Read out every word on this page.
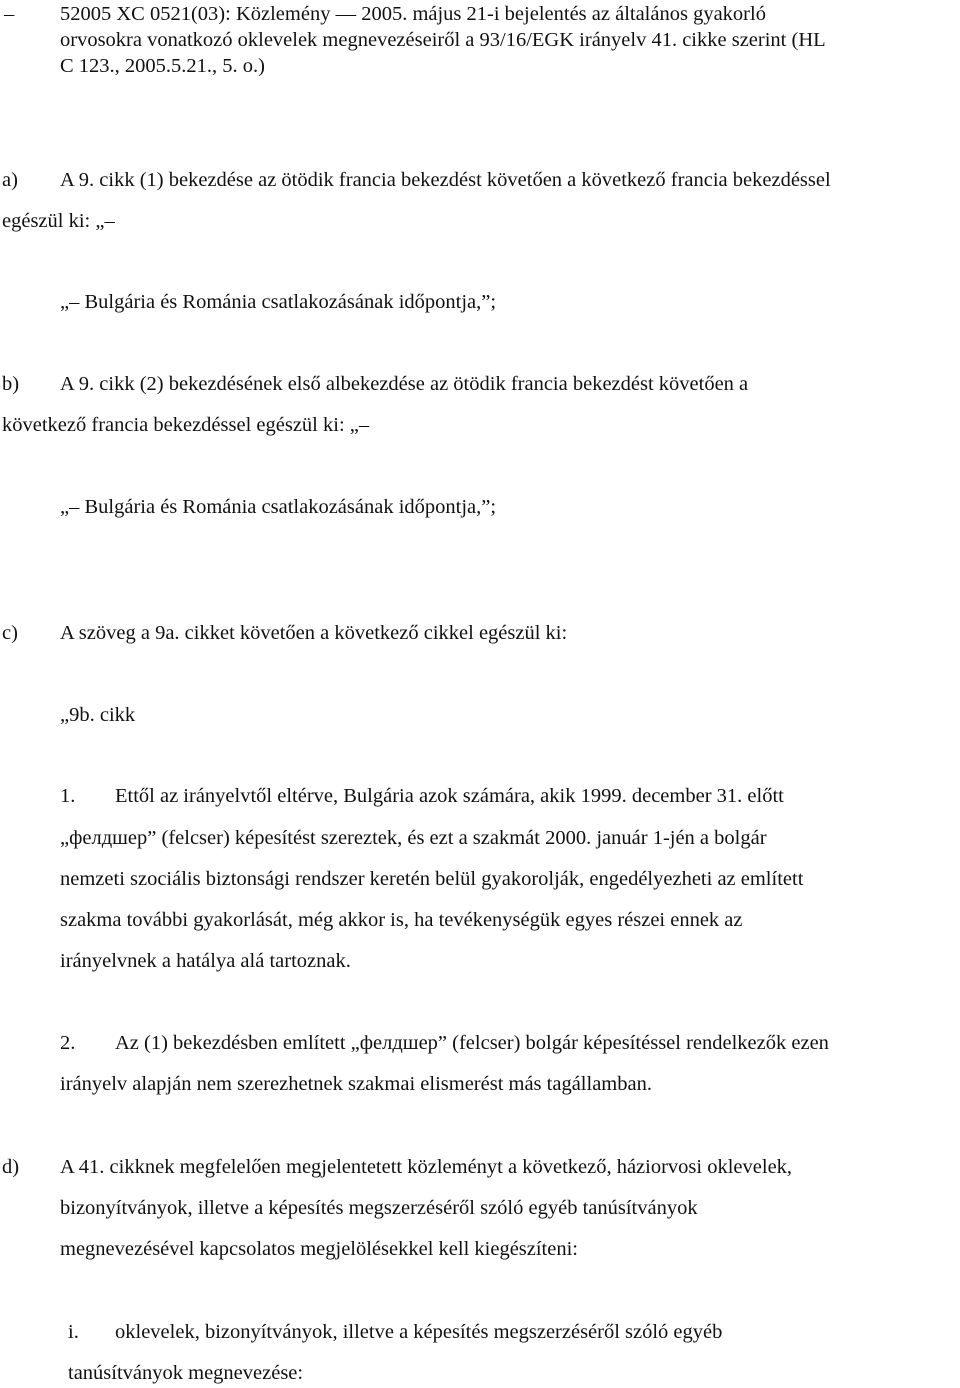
– 52005 XC 0521(03): Közlemény — 2005. május 21-i bejelentés az általános gyakorló
orvosokra vonatkozó oklevelek megnevezéseiről a 93/16/EGK irányelv 41. cikke szerint (HL
C 123., 2005.5.21., 5. o.)
a) A 9. cikk (1) bekezdése az ötödik francia bekezdést követően a következő francia bekezdéssel
egészül ki: „–
„– Bulgária és Románia csatlakozásának időpontja,”;
b) A 9. cikk (2) bekezdésének első albekezdése az ötödik francia bekezdést követően a
következő francia bekezdéssel egészül ki: „–
„– Bulgária és Románia csatlakozásának időpontja,”;
c) A szöveg a 9a. cikket követően a következő cikkel egészül ki:
„9b. cikk
1. Ettől az irányelvtől eltérve, Bulgária azok számára, akik 1999. december 31. előtt
„фелдшер” (felcser) képesítést szereztek, és ezt a szakmát 2000. január 1-jén a bolgár
nemzeti szociális biztonsági rendszer keretén belül gyakorolják, engedélyezheti az említett
szakma további gyakorlását, még akkor is, ha tevékenységük egyes részei ennek az
irányelvnek a hatálya alá tartoznak.
2. Az (1) bekezdésben említett „фелдшер” (felcser) bolgár képesítéssel rendelkezők ezen
irányelv alapján nem szerezhetnek szakmai elismerést más tagállamban.
d) A 41. cikknek megfelelően megjelentetett közleményt a következő, háziorvosi oklevelek,
bizonyítványok, illetve a képesítés megszerzéséről szóló egyéb tanúsítványok
megnevezésével kapcsolatos megjelölésekkel kell kiegészíteni:
i. oklevelek, bizonyítványok, illetve a képesítés megszerzéséről szóló egyéb
tanúsítványok megnevezése:
